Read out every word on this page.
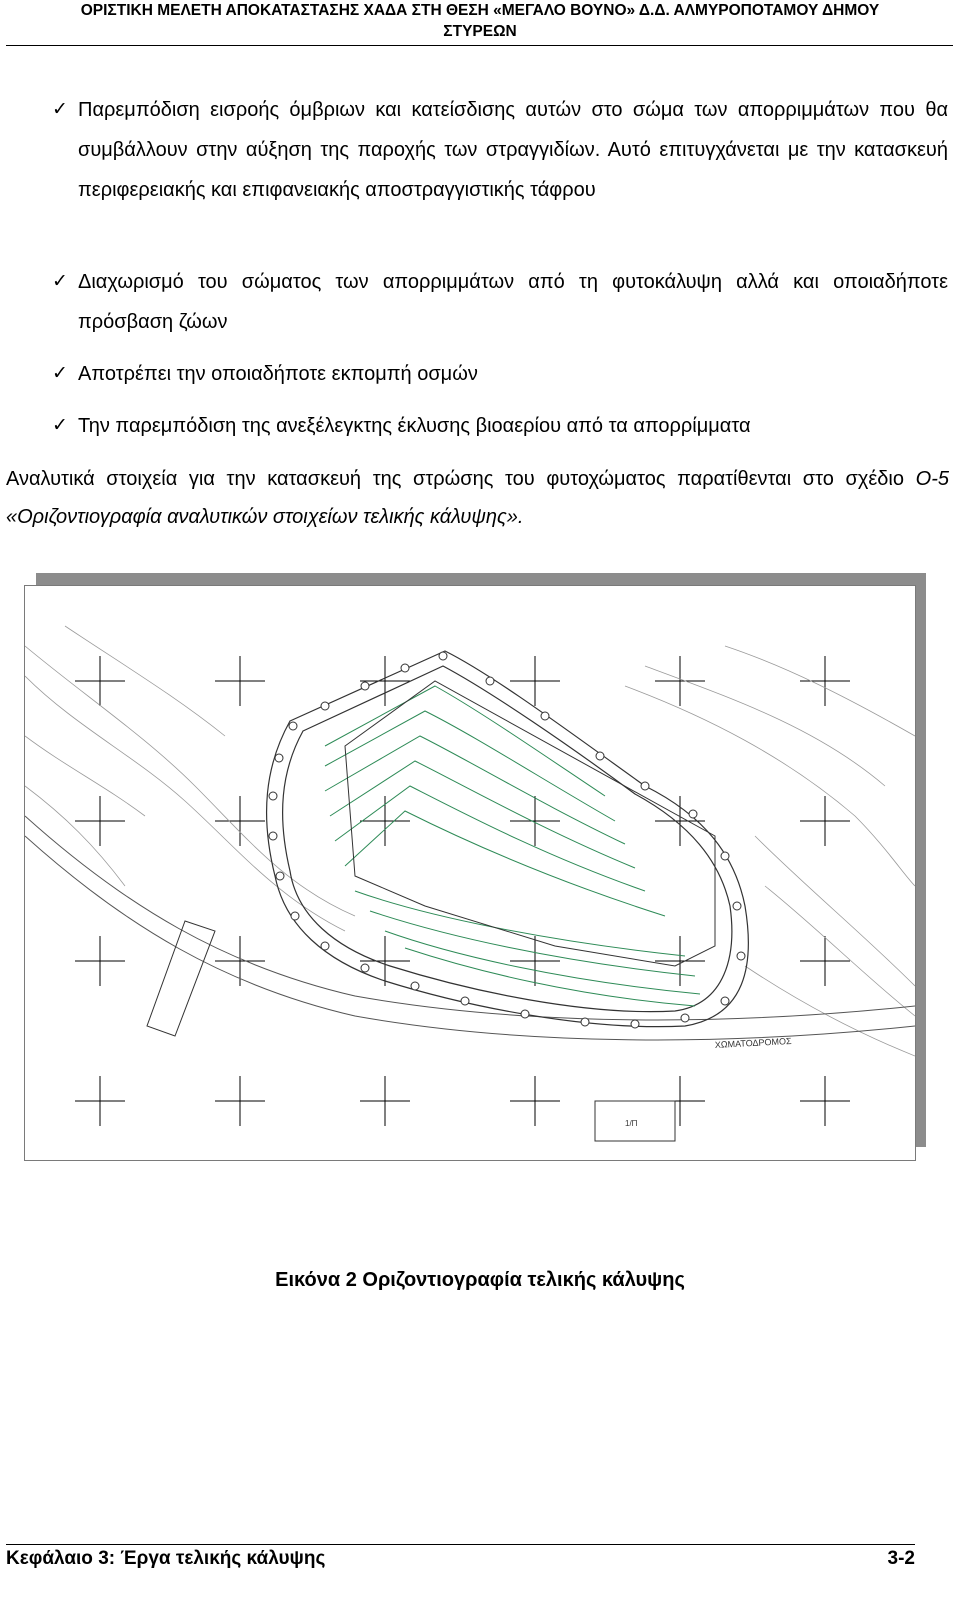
ΟΡΙΣΤΙΚΗ ΜΕΛΕΤΗ ΑΠΟΚΑΤΑΣΤΑΣΗΣ ΧΑΔΑ ΣΤΗ ΘΕΣΗ «ΜΕΓΑΛΟ ΒΟΥΝΟ» Δ.Δ. ΑΛΜΥΡΟΠΟΤΑΜΟΥ ΔΗΜΟΥ
ΣΤΥΡΕΩΝ
✓ Παρεμπόδιση εισροής όμβριων και κατείσδισης αυτών στο σώμα των απορριμμάτων που θα συμβάλλουν στην αύξηση της παροχής των στραγγιδίων. Αυτό επιτυγχάνεται με την κατασκευή περιφερειακής και επιφανειακής αποστραγγιστικής τάφρου
✓ Διαχωρισμό του σώματος των απορριμμάτων από τη φυτοκάλυψη αλλά και οποιαδήποτε πρόσβαση ζώων
✓ Αποτρέπει την οποιαδήποτε εκπομπή οσμών
✓ Την παρεμπόδιση της ανεξέλεγκτης έκλυσης βιοαερίου από τα απορρίμματα
Αναλυτικά στοιχεία για την κατασκευή της στρώσης του φυτοχώματος παρατίθενται στο σχέδιο Ο-5 «Οριζοντιογραφία αναλυτικών στοιχείων τελικής κάλυψης».
ΧΩΜΑΤΟΔΡΟΜΟΣ
1/П
Εικόνα 2 Οριζοντιογραφία τελικής κάλυψης
Κεφάλαιο 3: Έργα τελικής κάλυψης	3-2
